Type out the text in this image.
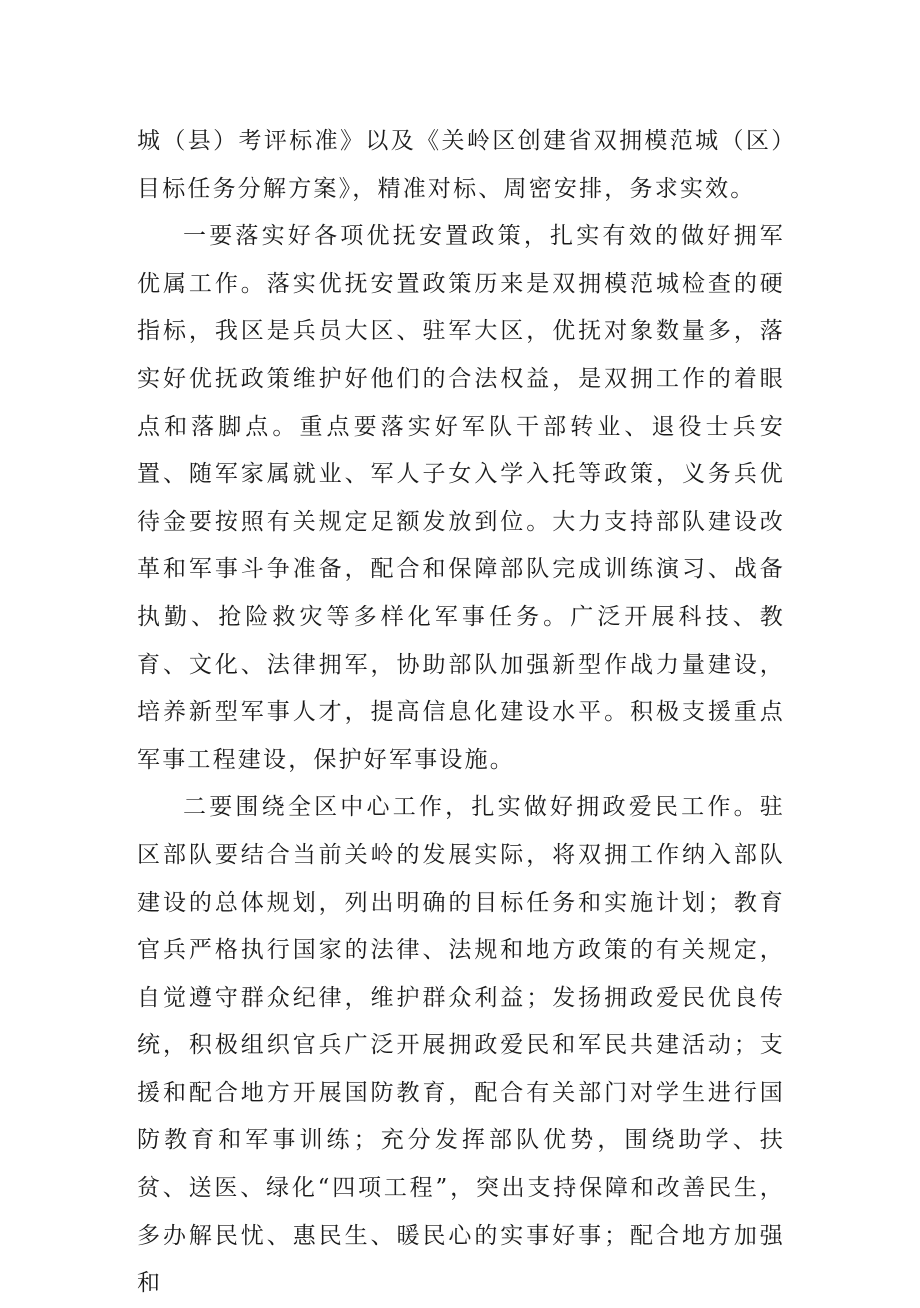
城（县）考评标准》以及《关岭区创建省双拥模范城（区）目标任务分解方案》，精准对标、周密安排，务求实效。

一要落实好各项优抚安置政策，扎实有效的做好拥军优属工作。落实优抚安置政策历来是双拥模范城检查的硬指标，我区是兵员大区、驻军大区，优抚对象数量多，落实好优抚政策维护好他们的合法权益，是双拥工作的着眼点和落脚点。重点要落实好军队干部转业、退役士兵安置、随军家属就业、军人子女入学入托等政策，义务兵优待金要按照有关规定足额发放到位。大力支持部队建设改革和军事斗争准备，配合和保障部队完成训练演习、战备执勤、抢险救灾等多样化军事任务。广泛开展科技、教育、文化、法律拥军，协助部队加强新型作战力量建设，培养新型军事人才，提高信息化建设水平。积极支援重点军事工程建设，保护好军事设施。

二要围绕全区中心工作，扎实做好拥政爱民工作。驻区部队要结合当前关岭的发展实际，将双拥工作纳入部队建设的总体规划，列出明确的目标任务和实施计划；教育官兵严格执行国家的法律、法规和地方政策的有关规定，自觉遵守群众纪律，维护群众利益；发扬拥政爱民优良传统，积极组织官兵广泛开展拥政爱民和军民共建活动；支援和配合地方开展国防教育，配合有关部门对学生进行国防教育和军事训练；充分发挥部队优势，围绕助学、扶贫、送医、绿化“四项工程”，突出支持保障和改善民生，多办解民忧、惠民生、暖民心的实事好事；配合地方加强和
